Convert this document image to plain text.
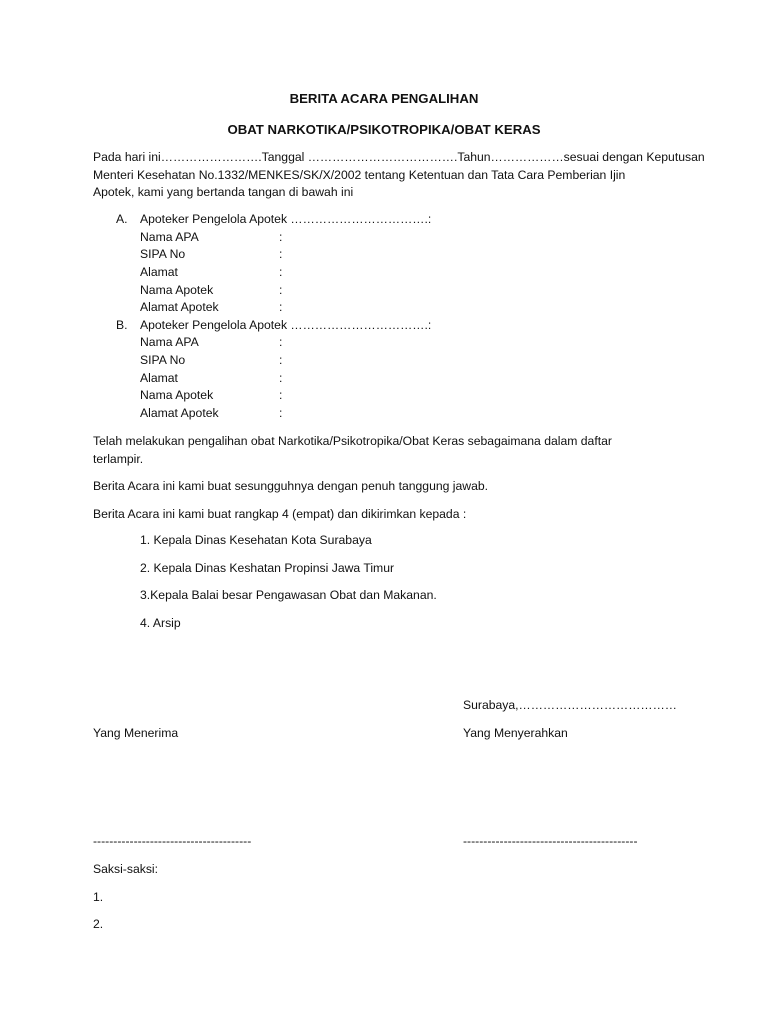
BERITA ACARA PENGALIHAN
OBAT NARKOTIKA/PSIKOTROPIKA/OBAT KERAS
Pada hari ini…………………….Tanggal ……………………………….Tahun………………sesuai dengan Keputusan
Menteri Kesehatan No.1332/MENKES/SK/X/2002 tentang Ketentuan dan Tata Cara Pemberian Ijin
Apotek, kami yang bertanda tangan di bawah ini
A. Apoteker Pengelola Apotek …………………………….:
Nama APA	:
SIPA No	:
Alamat	:
Nama Apotek	:
Alamat Apotek	:
B. Apoteker Pengelola Apotek …………………………….:
Nama APA	:
SIPA No	:
Alamat	:
Nama Apotek	:
Alamat Apotek	:
Telah melakukan pengalihan obat Narkotika/Psikotropika/Obat Keras sebagaimana dalam daftar
terlampir.
Berita Acara ini kami buat sesungguhnya dengan penuh tanggung jawab.
Berita Acara ini kami buat rangkap 4 (empat) dan dikirimkan kepada :
1. Kepala Dinas Kesehatan Kota Surabaya
2. Kepala Dinas Keshatan Propinsi Jawa Timur
3.Kepala Balai besar Pengawasan Obat dan Makanan.
4. Arsip
Surabaya,…………………………………
Yang Menerima	Yang Menyerahkan
---------------------------------------	-------------------------------------------
Saksi-saksi:
1.
2.
